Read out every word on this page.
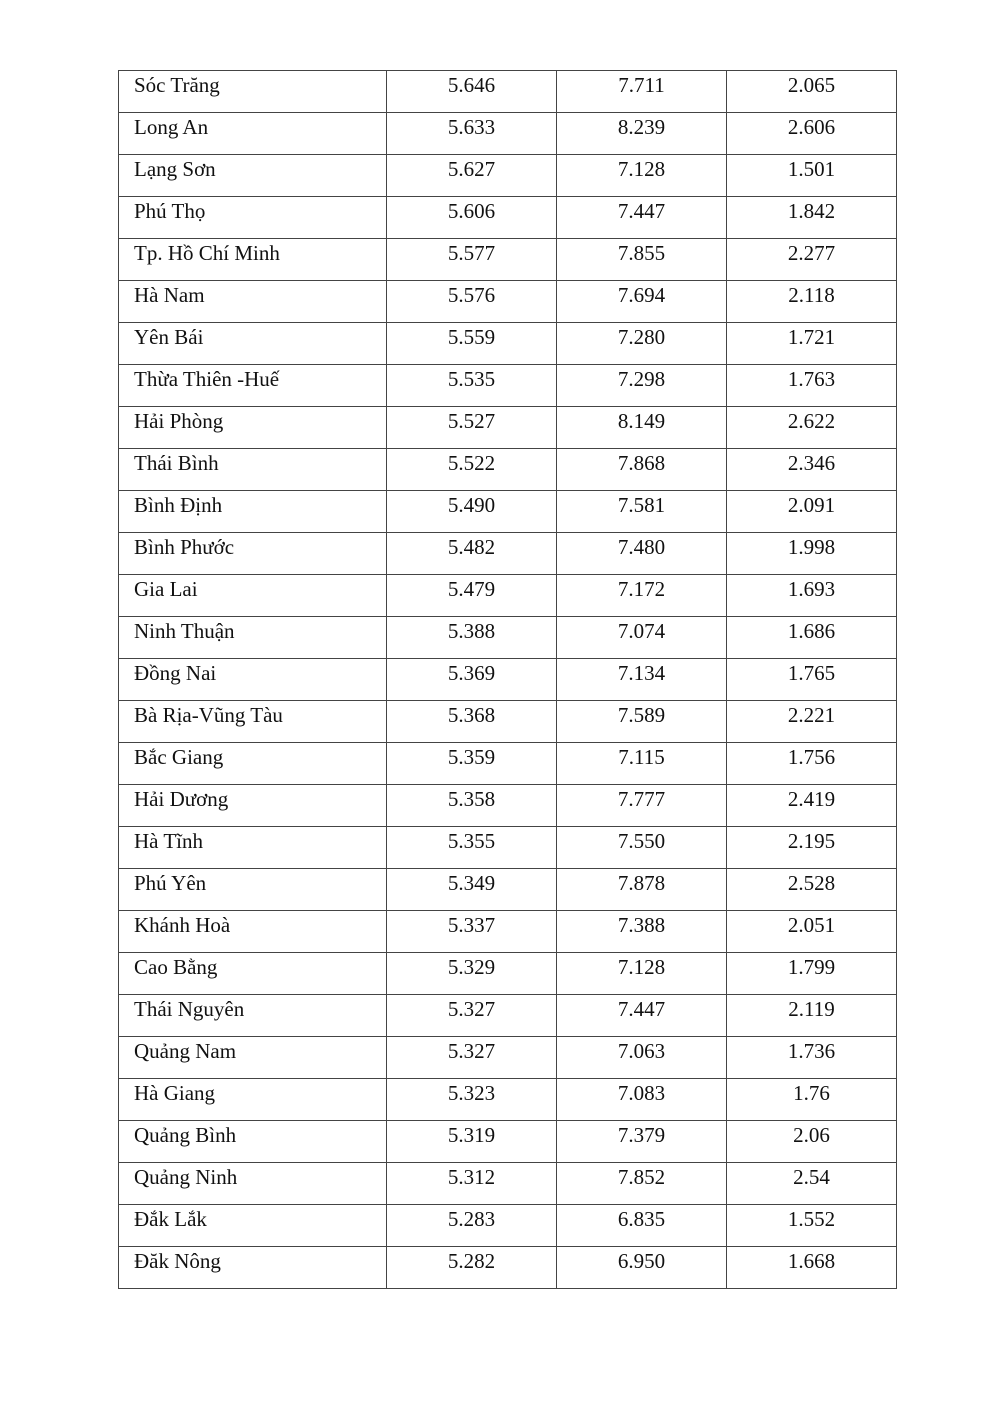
Sóc Trăng	5.646	7.711	2.065
Long An	5.633	8.239	2.606
Lạng Sơn	5.627	7.128	1.501
Phú Thọ	5.606	7.447	1.842
Tp. Hồ Chí Minh	5.577	7.855	2.277
Hà Nam	5.576	7.694	2.118
Yên Bái	5.559	7.280	1.721
Thừa Thiên -Huế	5.535	7.298	1.763
Hải Phòng	5.527	8.149	2.622
Thái Bình	5.522	7.868	2.346
Bình Định	5.490	7.581	2.091
Bình Phước	5.482	7.480	1.998
Gia Lai	5.479	7.172	1.693
Ninh Thuận	5.388	7.074	1.686
Đồng Nai	5.369	7.134	1.765
Bà Rịa-Vũng Tàu	5.368	7.589	2.221
Bắc Giang	5.359	7.115	1.756
Hải Dương	5.358	7.777	2.419
Hà Tĩnh	5.355	7.550	2.195
Phú Yên	5.349	7.878	2.528
Khánh Hoà	5.337	7.388	2.051
Cao Bằng	5.329	7.128	1.799
Thái Nguyên	5.327	7.447	2.119
Quảng Nam	5.327	7.063	1.736
Hà Giang	5.323	7.083	1.76
Quảng Bình	5.319	7.379	2.06
Quảng Ninh	5.312	7.852	2.54
Đắk Lắk	5.283	6.835	1.552
Đăk Nông	5.282	6.950	1.668
